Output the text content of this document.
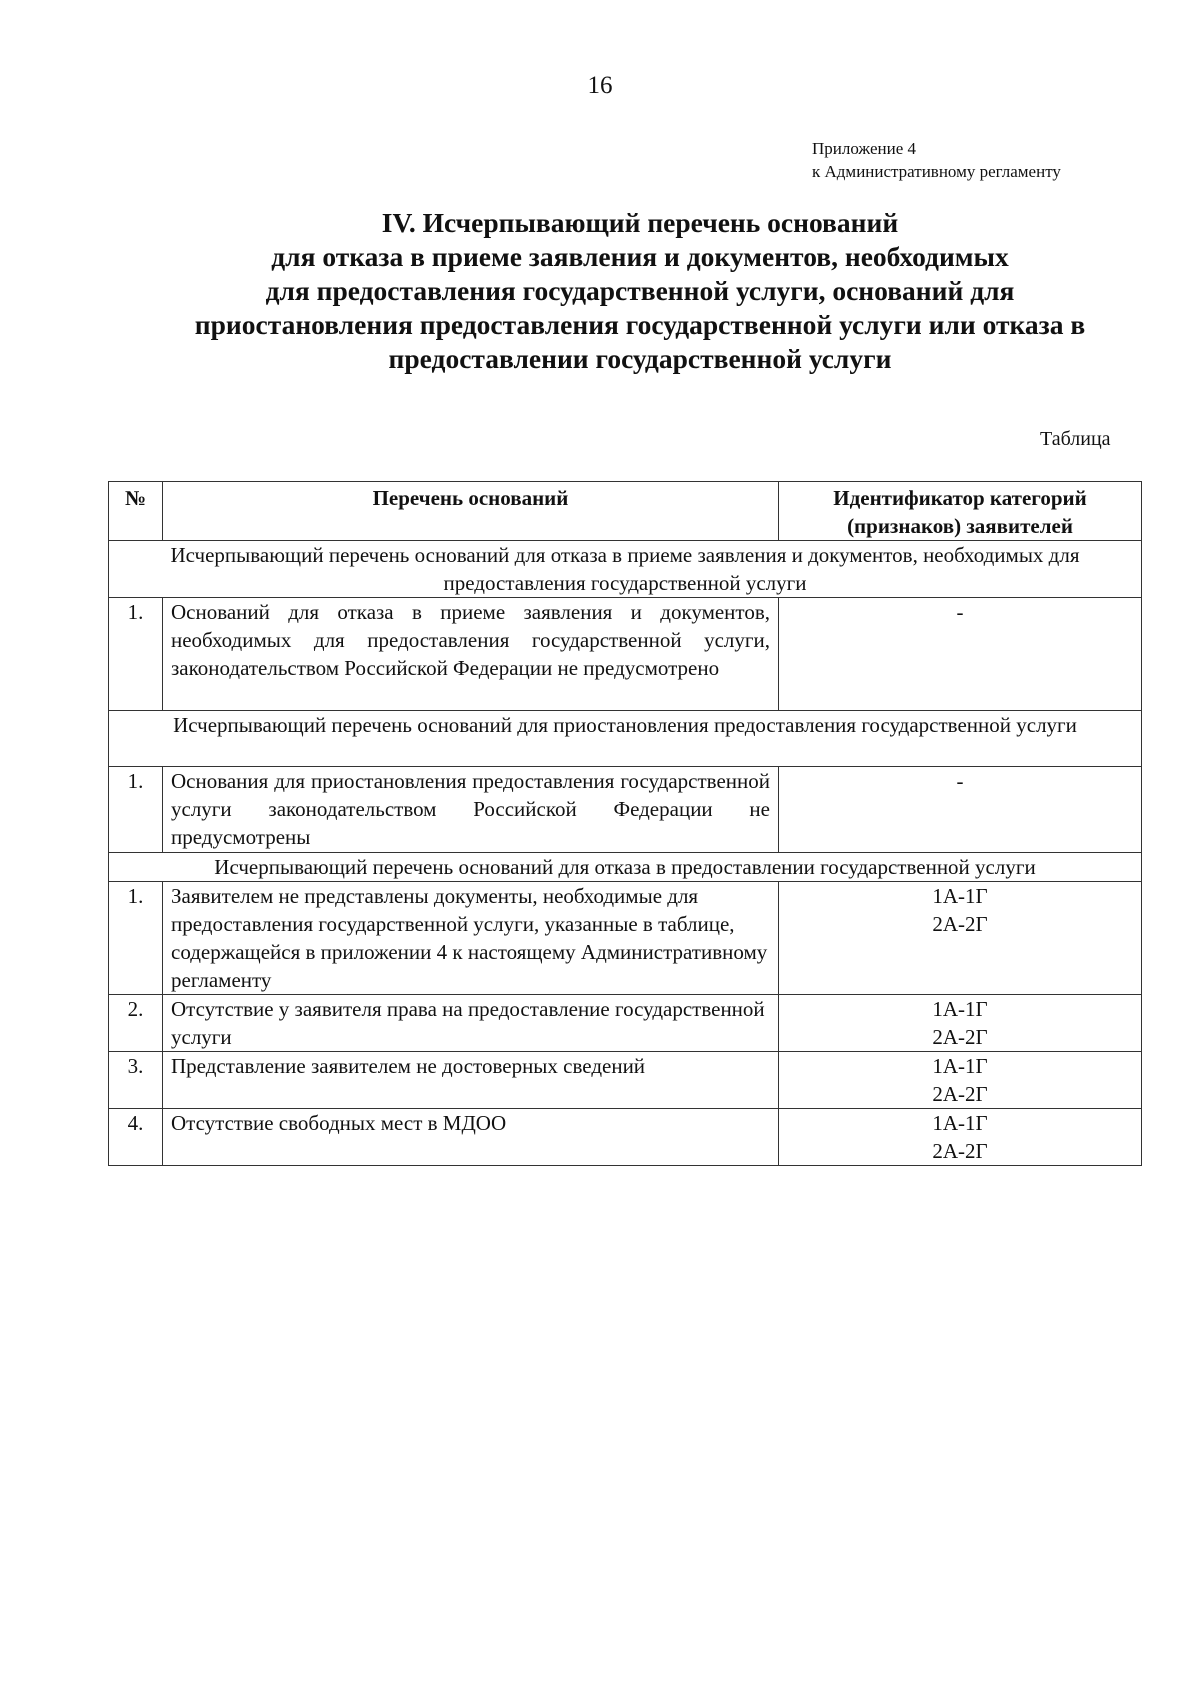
16
Приложение 4
к Административному регламенту
IV. Исчерпывающий перечень оснований
для отказа в приеме заявления и документов, необходимых
для предоставления государственной услуги, оснований для
приостановления предоставления государственной услуги или отказа в
предоставлении государственной услуги
Таблица
№	Перечень оснований	Идентификатор категорий (признаков) заявителей
Исчерпывающий перечень оснований для отказа в приеме заявления и документов, необходимых для предоставления государственной услуги		
1.	Оснований для отказа в приеме заявления и документов, необходимых для предоставления государственной услуги, законодательством Российской Федерации не предусмотрено	-

Исчерпывающий перечень оснований для приостановления предоставления государственной услуги		
1.	Основания для приостановления предоставления государственной услуги законодательством Российской Федерации не предусмотрены	-

Исчерпывающий перечень оснований для отказа в предоставлении государственной услуги		
1.	Заявителем не представлены документы, необходимые для предоставления государственной услуги, указанные в таблице, содержащейся в приложении 4 к настоящему Административному регламенту	1А-1Г
2А-2Г

2.	Отсутствие у заявителя права на предоставление государственной услуги	1А-1Г
2А-2Г

3.	Представление заявителем не достоверных сведений	1А-1Г
2А-2Г

4.	Отсутствие свободных мест в МДОО	1А-1Г
2А-2Г
